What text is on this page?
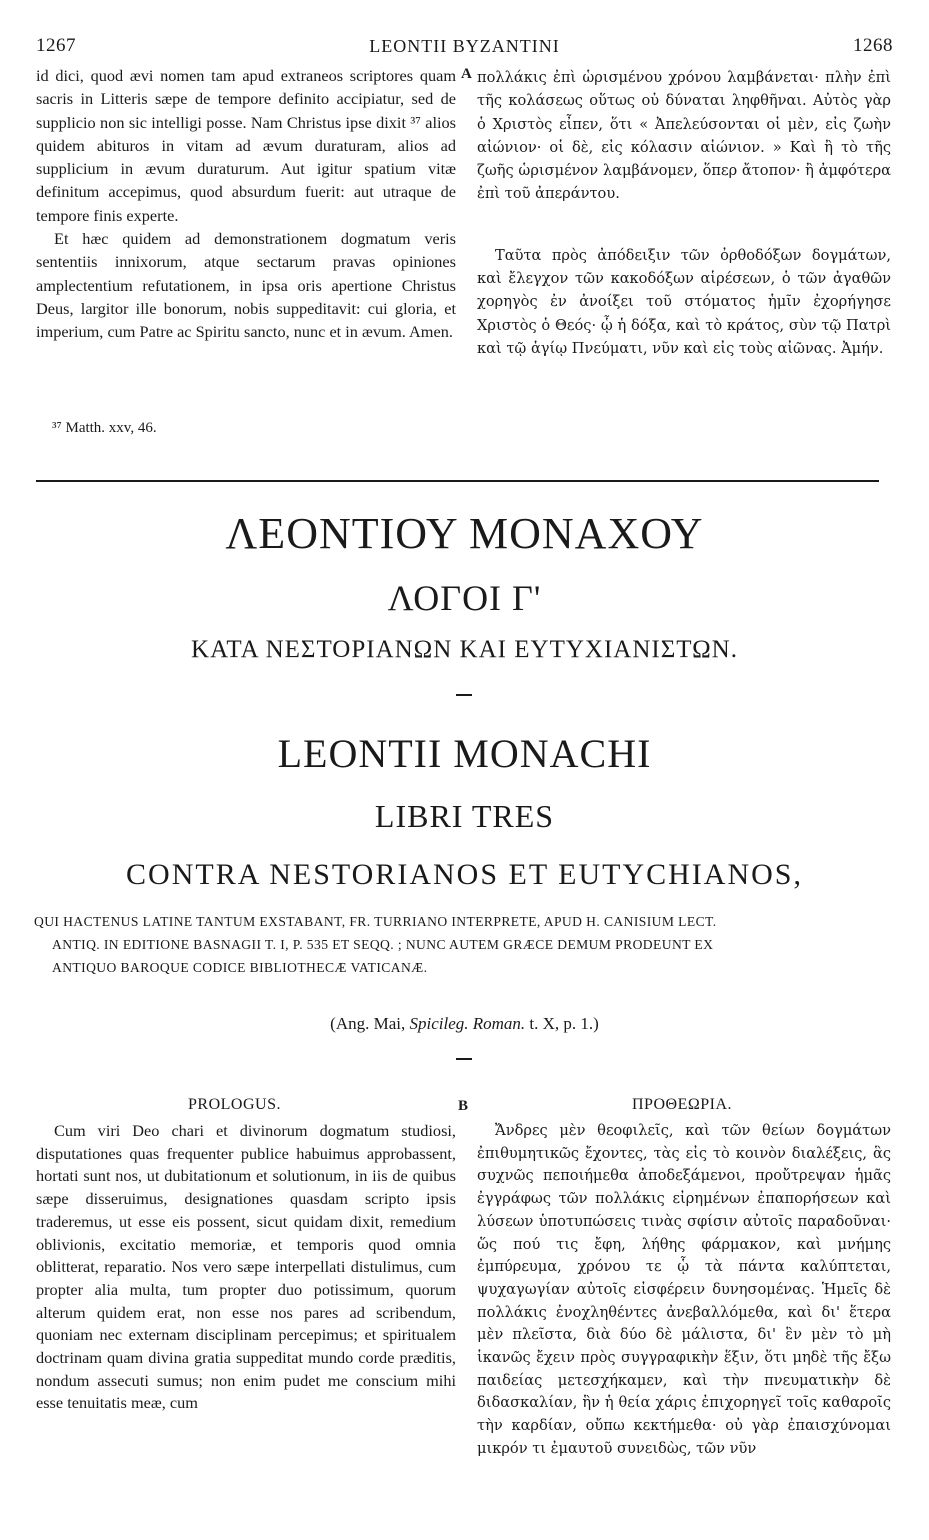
1267	LEONTII BYZANTINI	1268

id dici, quod ævi nomen tam apud extraneos scriptores quam sacris in Litteris sæpe de tempore definito accipiatur, sed de supplicio non sic intelligi posse. Nam Christus ipse dixit ³⁷ alios quidem abituros in vitam ad ævum duraturam, alios ad supplicium in ævum duraturum. Aut igitur spatium vitæ definitum accepimus, quod absurdum fuerit: aut utraque de tempore finis experte.

Et hæc quidem ad demonstrationem dogmatum veris sententiis innixorum, atque sectarum pravas opiniones amplectentium refutationem, in ipsa oris apertione Christus Deus, largitor ille bonorum, nobis suppeditavit: cui gloria, et imperium, cum Patre ac Spiritu sancto, nunc et in ævum. Amen.

A πολλάκις ἐπὶ ὡρισμένου χρόνου λαμβάνεται· πλὴν ἐπὶ τῆς κολάσεως οὕτως οὐ δύναται ληφθῆναι. Αὐτὸς γὰρ ὁ Χριστὸς εἶπεν, ὅτι « Ἀπελεύσονται οἱ μὲν, εἰς ζωὴν αἰώνιον· οἱ δὲ, εἰς κόλασιν αἰώνιον. » Καὶ ἢ τὸ τῆς ζωῆς ὡρισμένον λαμβάνομεν, ὅπερ ἄτοπον· ἢ ἀμφότερα ἐπὶ τοῦ ἀπεράντου.

Ταῦτα πρὸς ἀπόδειξιν τῶν ὀρθοδόξων δογμάτων, καὶ ἔλεγχον τῶν κακοδόξων αἱρέσεων, ὁ τῶν ἀγαθῶν χορηγὸς ἐν ἀνοίξει τοῦ στόματος ἡμῖν ἐχορήγησε Χριστὸς ὁ Θεός· ᾧ ἡ δόξα, καὶ τὸ κράτος, σὺν τῷ Πατρὶ καὶ τῷ ἁγίῳ Πνεύματι, νῦν καὶ εἰς τοὺς αἰῶνας. Ἀμήν.

³⁷ Matth. xxv, 46.
ΛΕΟΝΤΙΟΥ ΜΟΝΑΧΟΥ
ΛΟΓΟΙ Γ'
ΚΑΤΑ ΝΕΣΤΟΡΙΑΝΩΝ ΚΑΙ ΕΥΤΥΧΙΑΝΙΣΤΩΝ.
LEONTII MONACHI
LIBRI TRES
CONTRA NESTORIANOS ET EUTYCHIANOS,
QUI HACTENUS LATINE TANTUM EXSTABANT, FR. TURRIANO INTERPRETE, APUD H. CANISIUM LECT.
ANTIQ. IN EDITIONE BASNAGII T. I, P. 535 ET SEQQ. ; NUNC AUTEM GRÆCE DEMUM PRODEUNT EX
ANTIQUO BAROQUE CODICE BIBLIOTHECÆ VATICANÆ.
(Ang. Mai, Spicileg. Roman. t. X, p. 1.)
PROLOGUS.	ΠΡΟΘΕΩΡΙΑ.
B

Cum viri Deo chari et divinorum dogmatum studiosi, disputationes quas frequenter publice habuimus approbassent, hortati sunt nos, ut dubitationum et solutionum, in iis de quibus sæpe disseruimus, designationes quasdam scripto ipsis traderemus, ut esse eis possent, sicut quidam dixit, remedium oblivionis, excitatio memoriæ, et temporis quod omnia oblitterat, reparatio. Nos vero sæpe interpellati distulimus, cum propter alia multa, tum propter duo potissimum, quorum alterum quidem erat, non esse nos pares ad scribendum, quoniam nec externam disciplinam percepimus; et spiritualem doctrinam quam divina gratia suppeditat mundo corde præditis, nondum assecuti sumus; non enim pudet me conscium mihi esse tenuitatis meæ, cum

Ἄνδρες μὲν θεοφιλεῖς, καὶ τῶν θείων δογμάτων ἐπιθυμητικῶς ἔχοντες, τὰς εἰς τὸ κοινὸν διαλέξεις, ἃς συχνῶς πεποιήμεθα ἀποδεξάμενοι, προὔτρεψαν ἡμᾶς ἐγγράφως τῶν πολλάκις εἰρημένων ἐπαπορήσεων καὶ λύσεων ὑποτυπώσεις τινὰς σφίσιν αὐτοῖς παραδοῦναι· ὥς πού τις ἔφη, λήθης φάρμακον, καὶ μνήμης ἐμπύρευμα, χρόνου τε ᾧ τὰ πάντα καλύπτεται, ψυχαγωγίαν αὐτοῖς εἰσφέρειν δυνησομένας. Ἡμεῖς δὲ πολλάκις ἐνοχληθέντες ἀνεβαλλόμεθα, καὶ δι' ἕτερα μὲν πλεῖστα, διὰ δύο δὲ μάλιστα, δι' ἓν μὲν τὸ μὴ ἱκανῶς ἔχειν πρὸς συγγραφικὴν ἕξιν, ὅτι μηδὲ τῆς ἔξω παιδείας μετεσχήκαμεν, καὶ τὴν πνευματικὴν δὲ διδασκαλίαν, ἣν ἡ θεία χάρις ἐπιχορηγεῖ τοῖς καθαροῖς τὴν καρδίαν, οὔπω κεκτήμεθα· οὐ γὰρ ἐπαισχύνομαι μικρόν τι ἐμαυτοῦ συνειδὼς, τῶν νῦν
